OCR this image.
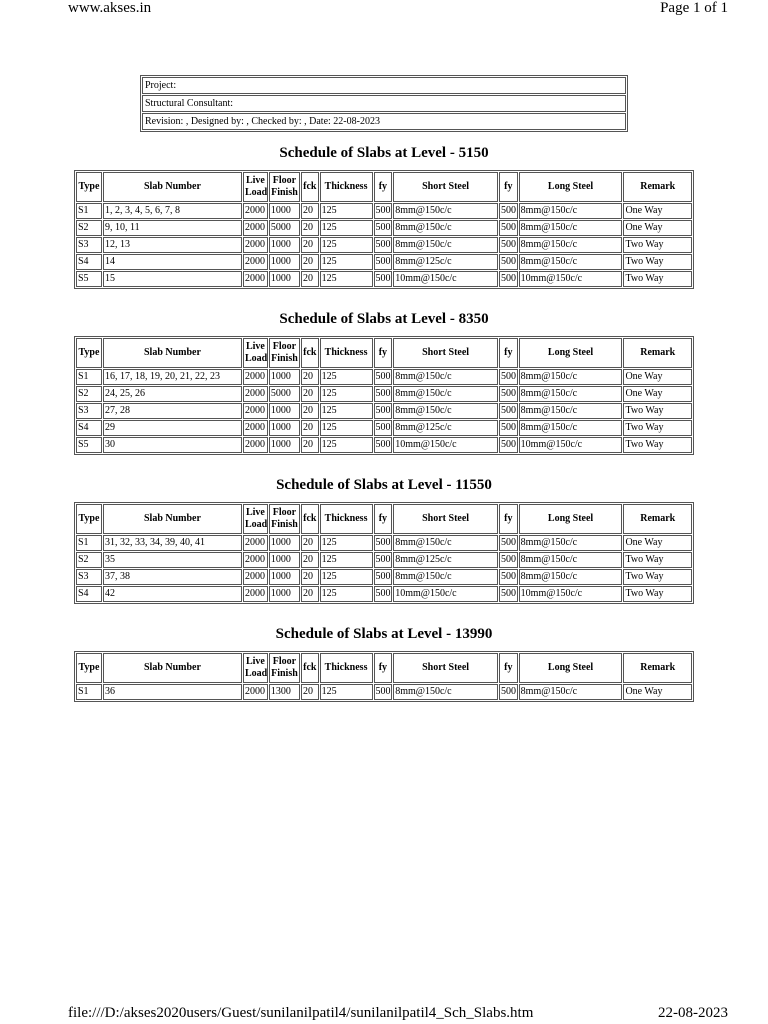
www.akses.in	Page 1 of 1
Project:
Structural Consultant:
Revision: , Designed by: , Checked by: , Date: 22-08-2023
Schedule of Slabs at Level - 5150
Type	Slab Number	Live Load	Floor Finish	fck	Thickness	fy	Short Steel	fy	Long Steel	Remark
S1	1, 2, 3, 4, 5, 6, 7, 8	2000	1000	20	125	500	8mm@150c/c	500	8mm@150c/c	One Way
S2	9, 10, 11	2000	5000	20	125	500	8mm@150c/c	500	8mm@150c/c	One Way
S3	12, 13	2000	1000	20	125	500	8mm@150c/c	500	8mm@150c/c	Two Way
S4	14	2000	1000	20	125	500	8mm@125c/c	500	8mm@150c/c	Two Way
S5	15	2000	1000	20	125	500	10mm@150c/c	500	10mm@150c/c	Two Way
Schedule of Slabs at Level - 8350
Type	Slab Number	Live Load	Floor Finish	fck	Thickness	fy	Short Steel	fy	Long Steel	Remark
S1	16, 17, 18, 19, 20, 21, 22, 23	2000	1000	20	125	500	8mm@150c/c	500	8mm@150c/c	One Way
S2	24, 25, 26	2000	5000	20	125	500	8mm@150c/c	500	8mm@150c/c	One Way
S3	27, 28	2000	1000	20	125	500	8mm@150c/c	500	8mm@150c/c	Two Way
S4	29	2000	1000	20	125	500	8mm@125c/c	500	8mm@150c/c	Two Way
S5	30	2000	1000	20	125	500	10mm@150c/c	500	10mm@150c/c	Two Way
Schedule of Slabs at Level - 11550
Type	Slab Number	Live Load	Floor Finish	fck	Thickness	fy	Short Steel	fy	Long Steel	Remark
S1	31, 32, 33, 34, 39, 40, 41	2000	1000	20	125	500	8mm@150c/c	500	8mm@150c/c	One Way
S2	35	2000	1000	20	125	500	8mm@125c/c	500	8mm@150c/c	Two Way
S3	37, 38	2000	1000	20	125	500	8mm@150c/c	500	8mm@150c/c	Two Way
S4	42	2000	1000	20	125	500	10mm@150c/c	500	10mm@150c/c	Two Way
Schedule of Slabs at Level - 13990
Type	Slab Number	Live Load	Floor Finish	fck	Thickness	fy	Short Steel	fy	Long Steel	Remark
S1	36	2000	1300	20	125	500	8mm@150c/c	500	8mm@150c/c	One Way
file:///D:/akses2020users/Guest/sunilanilpatil4/sunilanilpatil4_Sch_Slabs.htm	22-08-2023
